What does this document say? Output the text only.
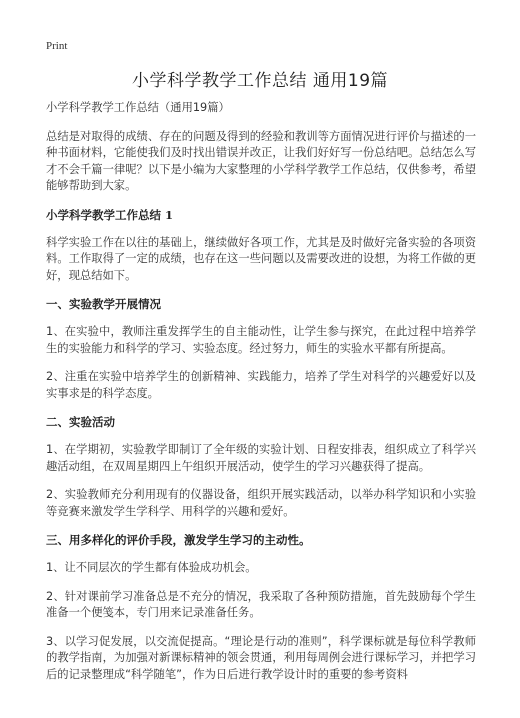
Print
小学科学教学工作总结 通用19篇

小学科学教学工作总结（通用19篇）

总结是对取得的成绩、存在的问题及得到的经验和教训等方面情况进行评价与描述的一种书面材料，它能使我们及时找出错误并改正，让我们好好写一份总结吧。总结怎么写才不会千篇一律呢？以下是小编为大家整理的小学科学教学工作总结，仅供参考，希望能够帮助到大家。

小学科学教学工作总结 1

科学实验工作在以往的基础上，继续做好各项工作，尤其是及时做好完备实验的各项资料。工作取得了一定的成绩，也存在这一些问题以及需要改进的设想，为将工作做的更好，现总结如下。

一、实验教学开展情况

1、在实验中，教师注重发挥学生的自主能动性，让学生参与探究，在此过程中培养学生的实验能力和科学的学习、实验态度。经过努力，师生的实验水平都有所提高。

2、注重在实验中培养学生的创新精神、实践能力，培养了学生对科学的兴趣爱好以及实事求是的科学态度。

二、实验活动

1、在学期初，实验教学即制订了全年级的实验计划、日程安排表，组织成立了科学兴趣活动组，在双周星期四上午组织开展活动，使学生的学习兴趣获得了提高。

2、实验教师充分利用现有的仪器设备，组织开展实践活动，以举办科学知识和小实验等竞赛来激发学生学科学、用科学的兴趣和爱好。

三、用多样化的评价手段，激发学生学习的主动性。

1、让不同层次的学生都有体验成功机会。

2、针对课前学习准备总是不充分的情况，我采取了各种预防措施，首先鼓励每个学生准备一个便笺本，专门用来记录准备任务。

3、以学习促发展，以交流促提高。“理论是行动的准则”，科学课标就是每位科学教师的教学指南，为加强对新课标精神的领会贯通，利用每周例会进行课标学习，并把学习后的记录整理成“科学随笔”，作为日后进行教学设计时的重要的参考资料
